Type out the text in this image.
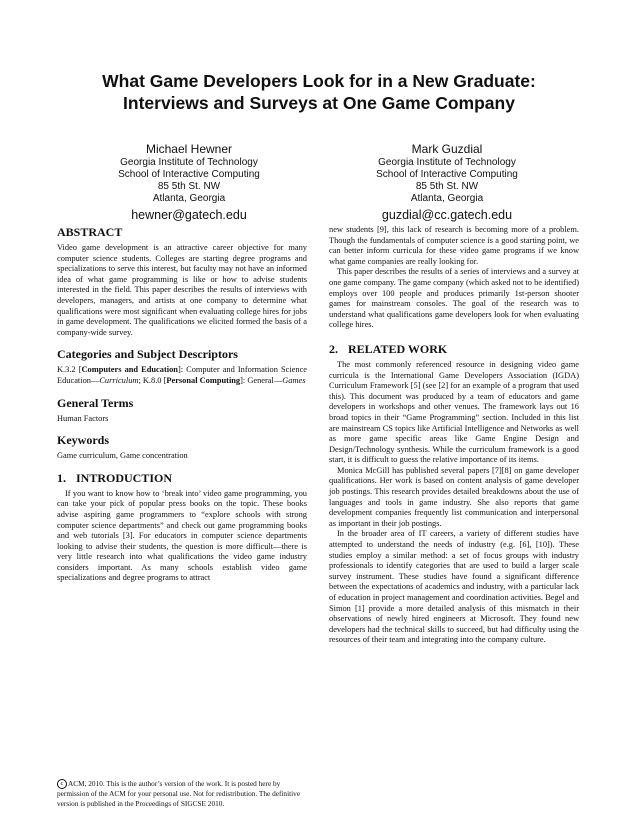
What Game Developers Look for in a New Graduate:
Interviews and Surveys at One Game Company
Michael Hewner
Georgia Institute of Technology
School of Interactive Computing
85 5th St. NW
Atlanta, Georgia
hewner@gatech.edu
Mark Guzdial
Georgia Institute of Technology
School of Interactive Computing
85 5th St. NW
Atlanta, Georgia
guzdial@cc.gatech.edu
ABSTRACT

Video game development is an attractive career objective for many computer science students. Colleges are starting degree programs and specializations to serve this interest, but faculty may not have an informed idea of what game programming is like or how to advise students interested in the field. This paper describes the results of interviews with developers, managers, and artists at one company to determine what qualifications were most significant when evaluating college hires for jobs in game development. The qualifications we elicited formed the basis of a company-wide survey.

Categories and Subject Descriptors

K.3.2 [Computers and Education]: Computer and Information Science Education—Curriculum; K.8.0 [Personal Computing]: General—Games

General Terms

Human Factors

Keywords

Game curriculum, Game concentration

1. INTRODUCTION

If you want to know how to ‘break into’ video game programming, you can take your pick of popular press books on the topic. These books advise aspiring game programmers to “explore schools with strong computer science departments” and check out game programming books and web tutorials [3]. For educators in computer science departments looking to advise their students, the question is more difficult—there is very little research into what qualifications the video game industry considers important. As many schools establish video game specializations and degree programs to attract

c ACM, 2010. This is the author’s version of the work. It is posted here by permission of the ACM for your personal use. Not for redistribution. The definitive version is published in the Proceedings of SIGCSE 2010.

new students [9], this lack of research is becoming more of a problem. Though the fundamentals of computer science is a good starting point, we can better inform curricula for these video game programs if we know what game companies are really looking for.

This paper describes the results of a series of interviews and a survey at one game company. The game company (which asked not to be identified) employs over 100 people and produces primarily 1st-person shooter games for mainstream consoles. The goal of the research was to understand what qualifications game developers look for when evaluating college hires.

2. RELATED WORK

The most commonly referenced resource in designing video game curricula is the International Game Developers Association (IGDA) Curriculum Framework [5] (see [2] for an example of a program that used this). This document was produced by a team of educators and game developers in workshops and other venues. The framework lays out 16 broad topics in their “Game Programming” section. Included in this list are mainstream CS topics like Artificial Intelligence and Networks as well as more game specific areas like Game Engine Design and Design/Technology synthesis. While the curriculum framework is a good start, it is difficult to guess the relative importance of its items.

Monica McGill has published several papers [7][8] on game developer qualifications. Her work is based on content analysis of game developer job postings. This research provides detailed breakdowns about the use of languages and tools in game industry. She also reports that game development companies frequently list communication and interpersonal as important in their job postings.

In the broader area of IT careers, a variety of different studies have attempted to understand the needs of industry (e.g. [6], [10]). These studies employ a similar method: a set of focus groups with industry professionals to identify categories that are used to build a larger scale survey instrument. These studies have found a significant difference between the expectations of academics and industry, with a particular lack of education in project management and coordination activities. Begel and Simon [1] provide a more detailed analysis of this mismatch in their observations of newly hired engineers at Microsoft. They found new developers had the technical skills to succeed, but had difficulty using the resources of their team and integrating into the company culture.
